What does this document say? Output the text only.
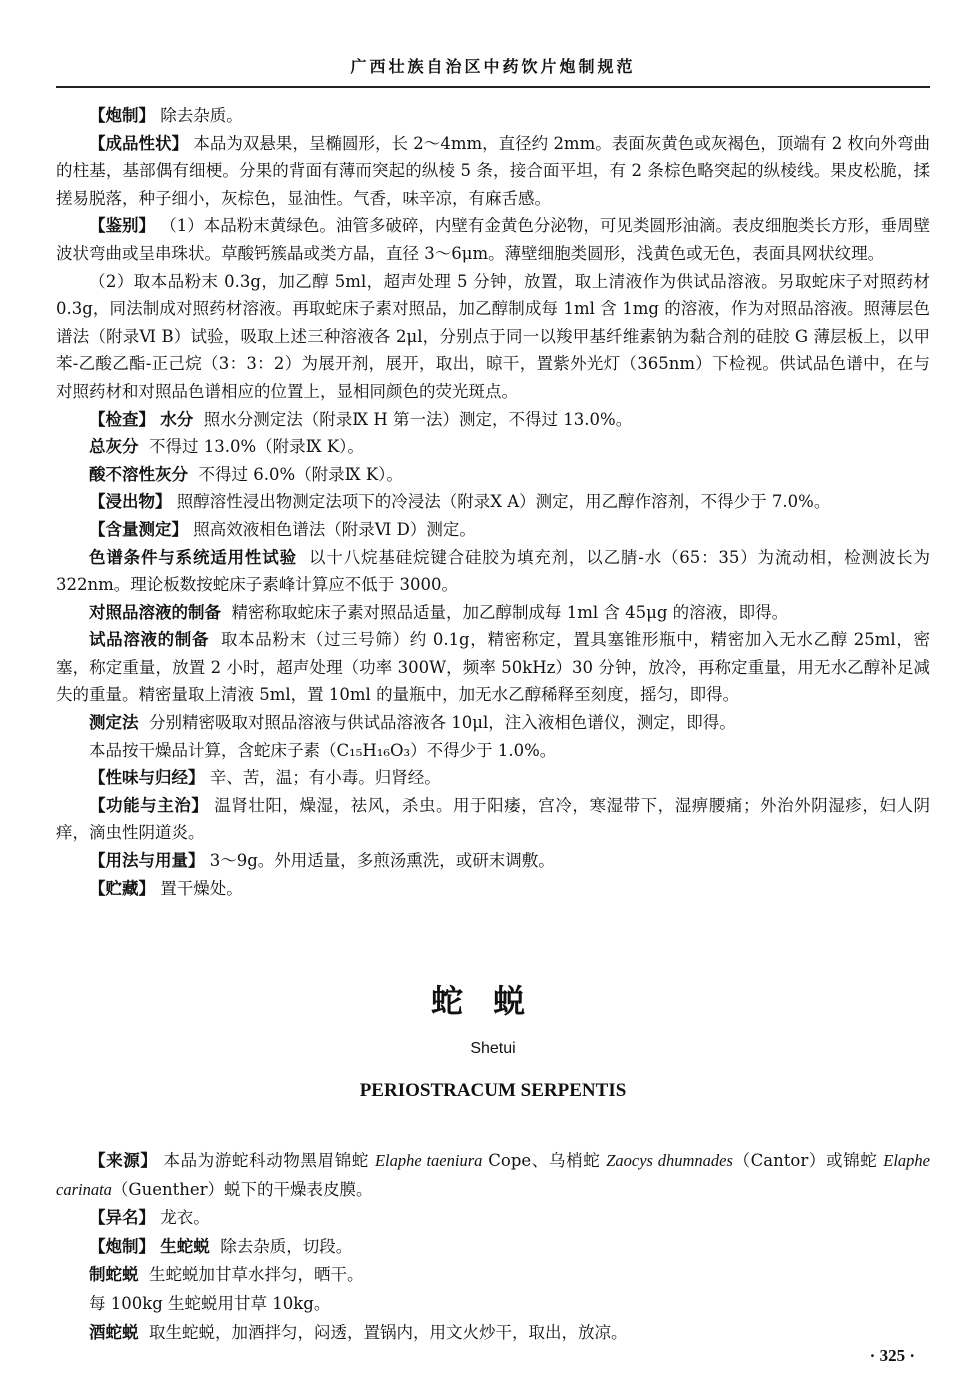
广西壮族自治区中药饮片炮制规范

【炮制】 除去杂质。

【成品性状】 本品为双悬果，呈椭圆形，长 2～4mm，直径约 2mm。表面灰黄色或灰褐色，顶端有 2 枚向外弯曲的柱基，基部偶有细梗。分果的背面有薄而突起的纵棱 5 条，接合面平坦，有 2 条棕色略突起的纵棱线。果皮松脆，揉搓易脱落，种子细小，灰棕色，显油性。气香，味辛凉，有麻舌感。

【鉴别】 （1）本品粉末黄绿色。油管多破碎，内壁有金黄色分泌物，可见类圆形油滴。表皮细胞类长方形，垂周壁波状弯曲或呈串珠状。草酸钙簇晶或类方晶，直径 3～6μm。薄壁细胞类圆形，浅黄色或无色，表面具网状纹理。

（2）取本品粉末 0.3g，加乙醇 5ml，超声处理 5 分钟，放置，取上清液作为供试品溶液。另取蛇床子对照药材 0.3g，同法制成对照药材溶液。再取蛇床子素对照品，加乙醇制成每 1ml 含 1mg 的溶液，作为对照品溶液。照薄层色谱法（附录Ⅵ B）试验，吸取上述三种溶液各 2μl，分别点于同一以羧甲基纤维素钠为黏合剂的硅胶 G 薄层板上，以甲苯-乙酸乙酯-正己烷（3：3：2）为展开剂，展开，取出，晾干，置紫外光灯（365nm）下检视。供试品色谱中，在与对照药材和对照品色谱相应的位置上，显相同颜色的荧光斑点。

【检查】 水分 照水分测定法（附录Ⅸ H 第一法）测定，不得过 13.0%。

总灰分 不得过 13.0%（附录Ⅸ K）。

酸不溶性灰分 不得过 6.0%（附录Ⅸ K）。

【浸出物】 照醇溶性浸出物测定法项下的冷浸法（附录Ⅹ A）测定，用乙醇作溶剂，不得少于 7.0%。

【含量测定】 照高效液相色谱法（附录Ⅵ D）测定。

色谱条件与系统适用性试验 以十八烷基硅烷键合硅胶为填充剂，以乙腈-水（65：35）为流动相，检测波长为 322nm。理论板数按蛇床子素峰计算应不低于 3000。

对照品溶液的制备 精密称取蛇床子素对照品适量，加乙醇制成每 1ml 含 45μg 的溶液，即得。

试品溶液的制备 取本品粉末（过三号筛）约 0.1g，精密称定，置具塞锥形瓶中，精密加入无水乙醇 25ml，密塞，称定重量，放置 2 小时，超声处理（功率 300W，频率 50kHz）30 分钟，放冷，再称定重量，用无水乙醇补足减失的重量。精密量取上清液 5ml，置 10ml 的量瓶中，加无水乙醇稀释至刻度，摇匀，即得。

测定法 分别精密吸取对照品溶液与供试品溶液各 10μl，注入液相色谱仪，测定，即得。

本品按干燥品计算，含蛇床子素（C₁₅H₁₆O₃）不得少于 1.0%。

【性味与归经】 辛、苦，温；有小毒。归肾经。

【功能与主治】 温肾壮阳，燥湿，祛风，杀虫。用于阳痿，宫冷，寒湿带下，湿痹腰痛；外治外阴湿疹，妇人阴痒，滴虫性阴道炎。

【用法与用量】 3～9g。外用适量，多煎汤熏洗，或研末调敷。

【贮藏】 置干燥处。

蛇蜕
Shetui
PERIOSTRACUM SERPENTIS

【来源】 本品为游蛇科动物黑眉锦蛇 Elaphe taeniura Cope、乌梢蛇 Zaocys dhumnades（Cantor）或锦蛇 Elaphe carinata（Guenther）蜕下的干燥表皮膜。

【异名】 龙衣。

【炮制】 生蛇蜕 除去杂质，切段。

制蛇蜕 生蛇蜕加甘草水拌匀，晒干。

每 100kg 生蛇蜕用甘草 10kg。

酒蛇蜕 取生蛇蜕，加酒拌匀，闷透，置锅内，用文火炒干，取出，放凉。

· 325 ·
